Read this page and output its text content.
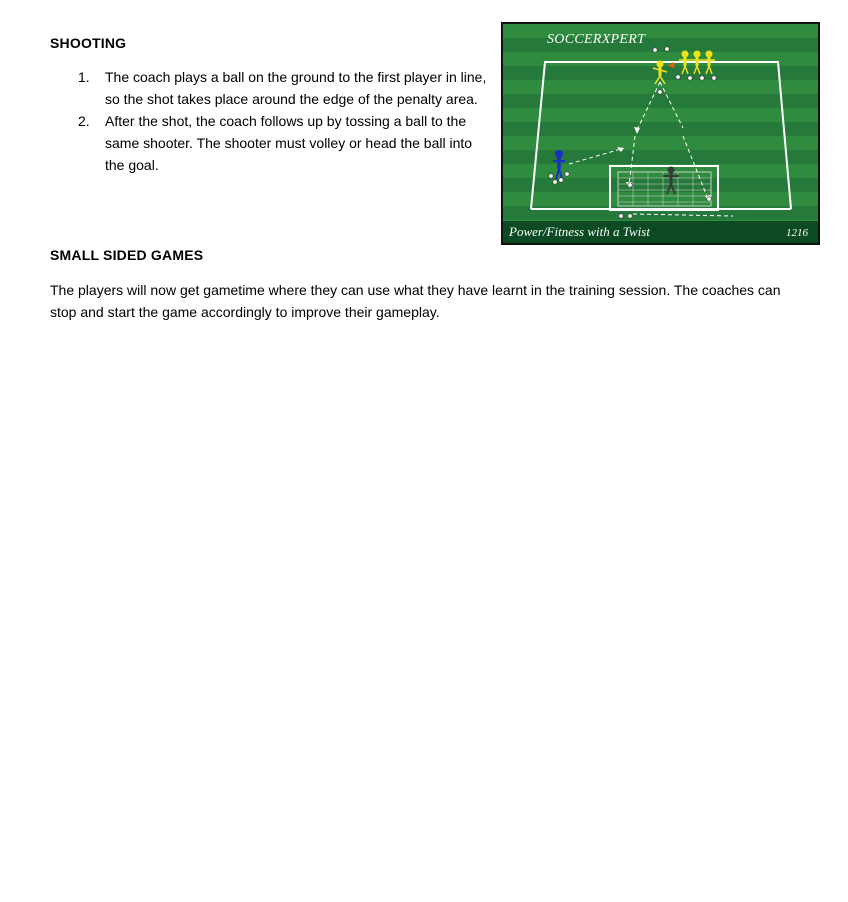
SHOOTING
1. The coach plays a ball on the ground to the first player in line, so the shot takes place around the edge of the penalty area.
2. After the shot, the coach follows up by tossing a ball to the same shooter. The shooter must volley or head the ball into the goal.
SOCCERXPERT
Power/Fitness with a Twist	1216
SMALL SIDED GAMES
The players will now get gametime where they can use what they have learnt in the training session. The coaches can stop and start the game accordingly to improve their gameplay.
